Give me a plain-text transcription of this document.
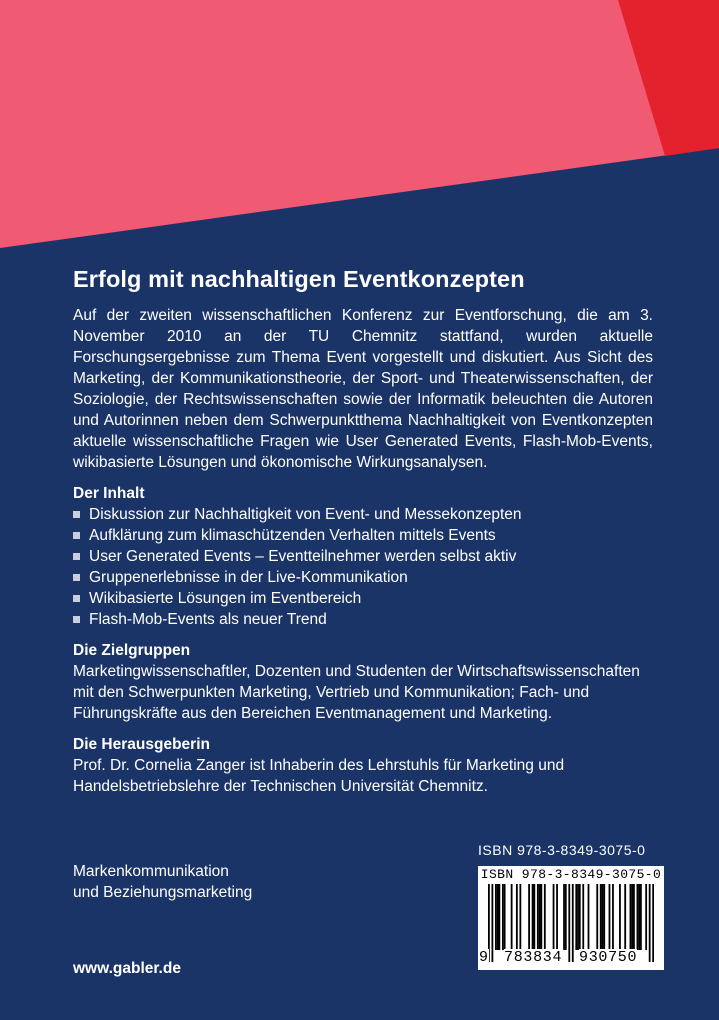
Erfolg mit nachhaltigen Eventkonzepten

Auf der zweiten wissenschaftlichen Konferenz zur Eventforschung, die am 3. November 2010 an der TU Chemnitz stattfand, wurden aktuelle Forschungsergebnisse zum Thema Event vorgestellt und diskutiert. Aus Sicht des Marketing, der Kommunikationstheorie, der Sport- und Theaterwissenschaften, der Soziologie, der Rechtswissenschaften sowie der Informatik beleuchten die Autoren und Autorinnen neben dem Schwerpunktthema Nachhaltigkeit von Eventkonzepten aktuelle wissenschaftliche Fragen wie User Generated Events, Flash-Mob-Events, wikibasierte Lösungen und ökonomische Wirkungsanalysen.

Der Inhalt
Diskussion zur Nachhaltigkeit von Event- und Messekonzepten
Aufklärung zum klimaschützenden Verhalten mittels Events
User Generated Events – Eventteilnehmer werden selbst aktiv
Gruppenerlebnisse in der Live-Kommunikation
Wikibasierte Lösungen im Eventbereich
Flash-Mob-Events als neuer Trend
Die Zielgruppen

Marketingwissenschaftler, Dozenten und Studenten der Wirtschaftswissenschaften mit den Schwerpunkten Marketing, Vertrieb und Kommunikation; Fach- und Führungskräfte aus den Bereichen Eventmanagement und Marketing.

Die Herausgeberin

Prof. Dr. Cornelia Zanger ist Inhaberin des Lehrstuhls für Marketing und Handelsbetriebslehre der Technischen Universität Chemnitz.

Markenkommunikation
und Beziehungsmarketing
www.gabler.de
ISBN 978-3-8349-3075-0
ISBN 978-3-8349-3075-0
9 783834 930750
